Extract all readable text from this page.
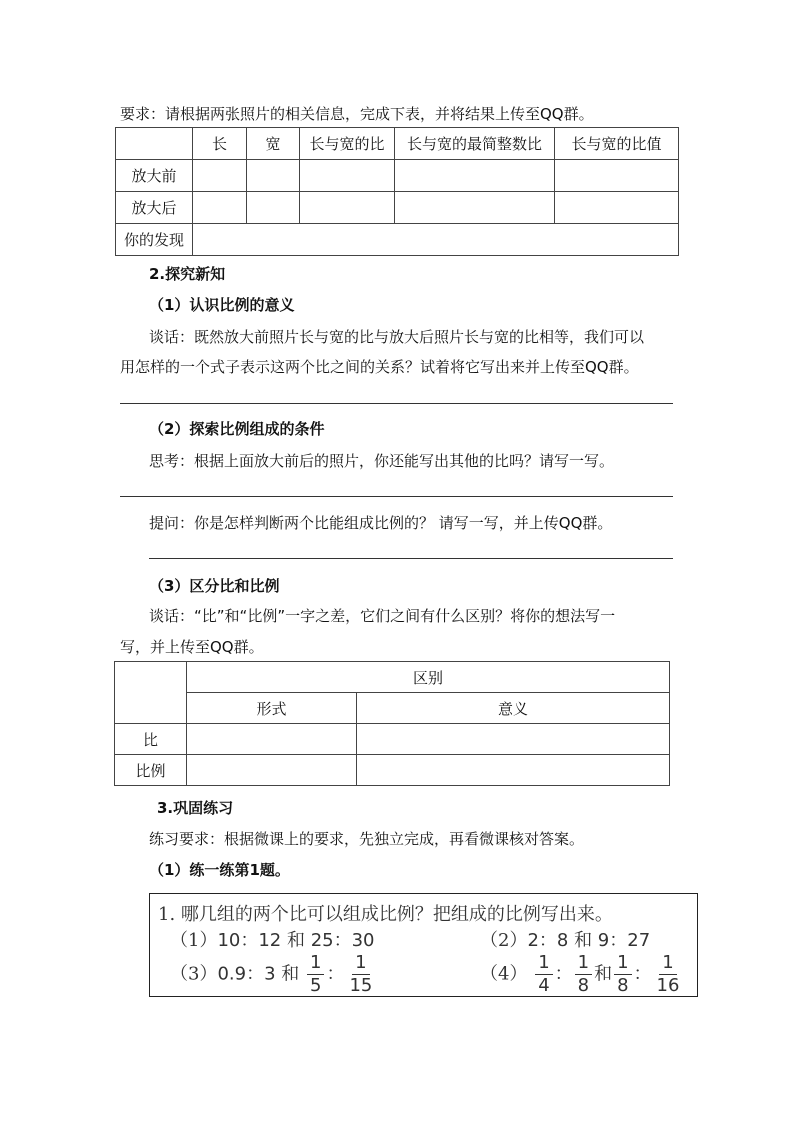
要求：请根据两张照片的相关信息，完成下表，并将结果上传至QQ群。

	长	宽	长与宽的比	长与宽的最简整数比	长与宽的比值
放大前					
放大后					
你的发现					

2.探究新知

（1）认识比例的意义

谈话：既然放大前照片长与宽的比与放大后照片长与宽的比相等，我们可以

用怎样的一个式子表示这两个比之间的关系？试着将它写出来并上传至QQ群。

（2）探索比例组成的条件

思考：根据上面放大前后的照片，你还能写出其他的比吗？请写一写。

提问：你是怎样判断两个比能组成比例的？ 请写一写，并上传QQ群。

（3）区分比和比例

谈话：“比”和“比例”一字之差，它们之间有什么区别？将你的想法写一

写，并上传至QQ群。

	区别	
	形式	意义
比		
比例		

3.巩固练习

练习要求：根据微课上的要求，先独立完成，再看微课核对答案。

（1）练一练第1题。

1. 哪几组的两个比可以组成比例？把组成的比例写出来。
（1）10：12 和 25：30	（2）2：8 和 9：27
（3）0.9：3 和 $\frac{1}{5}$ ： $\frac{1}{15}$	$(4) \frac{1}{4}$ ： $\frac{1}{8}$ 和 $\frac{1}{8}$ ： $\frac{1}{16}$
